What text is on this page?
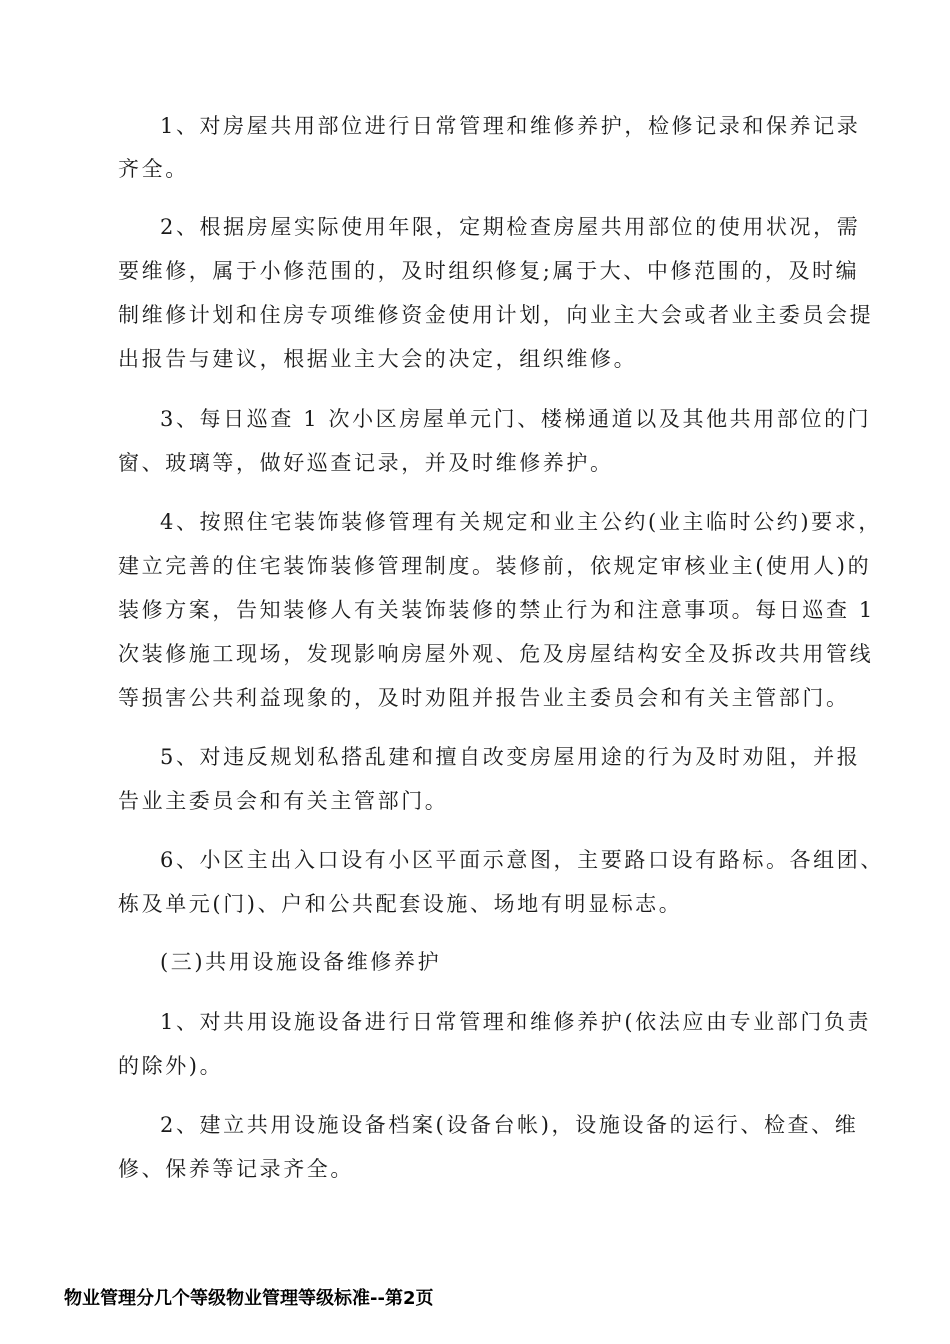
1、对房屋共用部位进行日常管理和维修养护，检修记录和保养记录
齐全。
2、根据房屋实际使用年限，定期检查房屋共用部位的使用状况，需
要维修，属于小修范围的，及时组织修复;属于大、中修范围的，及时编
制维修计划和住房专项维修资金使用计划，向业主大会或者业主委员会提
出报告与建议，根据业主大会的决定，组织维修。
3、每日巡查 1 次小区房屋单元门、楼梯通道以及其他共用部位的门
窗、玻璃等，做好巡查记录，并及时维修养护。
4、按照住宅装饰装修管理有关规定和业主公约(业主临时公约)要求，
建立完善的住宅装饰装修管理制度。装修前，依规定审核业主(使用人)的
装修方案，告知装修人有关装饰装修的禁止行为和注意事项。每日巡查 1
次装修施工现场，发现影响房屋外观、危及房屋结构安全及拆改共用管线
等损害公共利益现象的，及时劝阻并报告业主委员会和有关主管部门。
5、对违反规划私搭乱建和擅自改变房屋用途的行为及时劝阻，并报
告业主委员会和有关主管部门。
6、小区主出入口设有小区平面示意图，主要路口设有路标。各组团、
栋及单元(门)、户和公共配套设施、场地有明显标志。
(三)共用设施设备维修养护
1、对共用设施设备进行日常管理和维修养护(依法应由专业部门负责
的除外)。
2、建立共用设施设备档案(设备台帐)，设施设备的运行、检查、维
修、保养等记录齐全。
物业管理分几个等级物业管理等级标准--第2页
